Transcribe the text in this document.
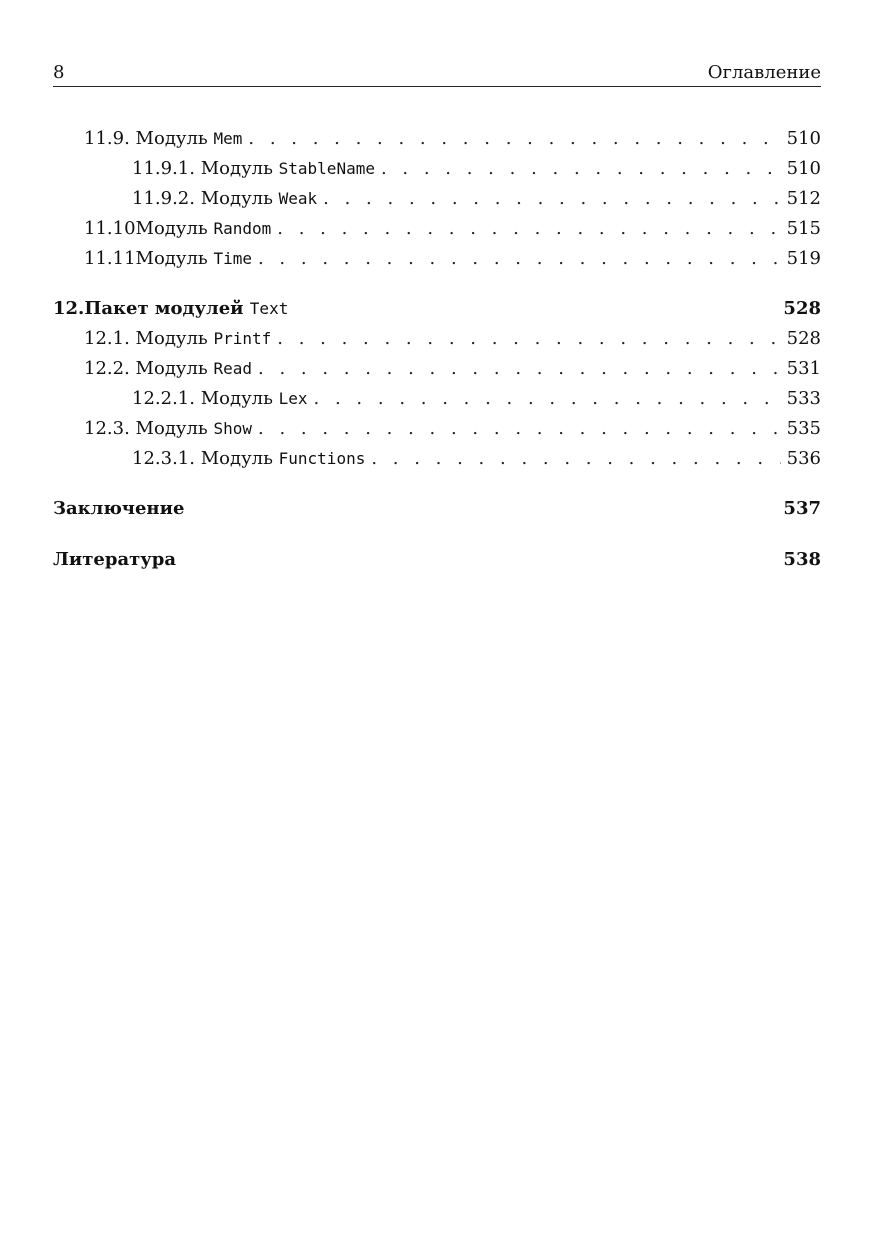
8	Оглавление
11.9.
Модуль
Mem . . .	510
11.9.1.
Модуль
StableName . . .	510
11.9.2.
Модуль
Weak . . .	512
11.10 Модуль
Random . . .	515
11.11 Модуль
Time . . .	519
12. Пакет модулей
Text	528
12.1.
Модуль
Printf . . .	528
12.2.
Модуль
Read . . .	531
12.2.1.
Модуль
Lex . . .	533
12.3.
Модуль
Show . . .	535
12.3.1.
Модуль
Functions . . .	536
Заключение	537
Литература	538
